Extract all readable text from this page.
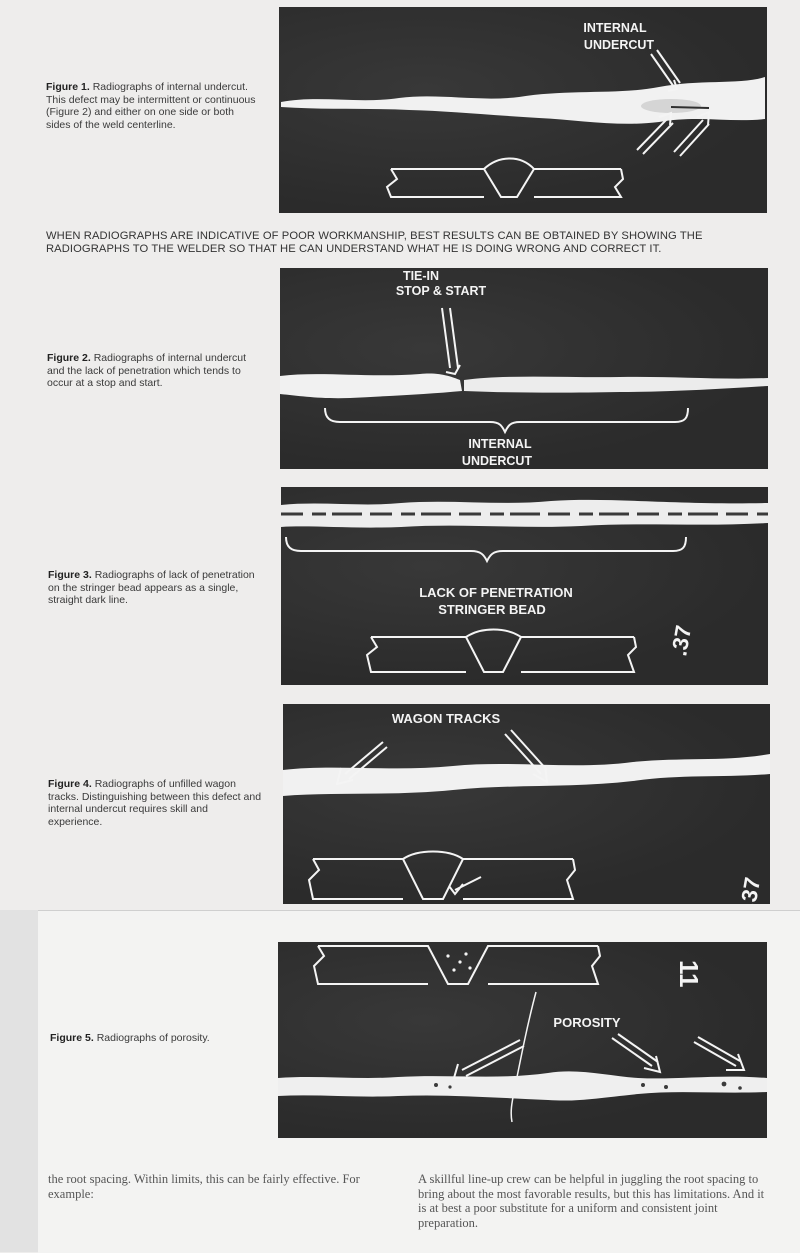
Figure 1. Radiographs of internal undercut. This defect may be intermittent or continuous (Figure 2) and either on one side or both sides of the weld centerline.
INTERNAL
UNDERCUT
WHEN RADIOGRAPHS ARE INDICATIVE OF POOR WORKMANSHIP, BEST RESULTS CAN BE OBTAINED BY SHOWING THE RADIOGRAPHS TO THE WELDER SO THAT HE CAN UNDERSTAND WHAT HE IS DOING WRONG AND CORRECT IT.
Figure 2. Radiographs of internal undercut and the lack of penetration which tends to occur at a stop and start.
TIE-IN
STOP & START
INTERNAL
UNDERCUT
Figure 3. Radiographs of lack of penetration on the stringer bead appears as a single, straight dark line.	LACK OF PENETRATION
STRINGER BEAD
.37
Figure 4. Radiographs of unfilled wagon tracks. Distinguishing between this defect and internal undercut requires skill and experience.
WAGON TRACKS
.37
Figure 5. Radiographs of porosity.
11
POROSITY
the root spacing. Within limits, this can be fairly effective. For example:
A skillful line-up crew can be helpful in juggling the root spacing to bring about the most favorable results, but this has limitations. And it is at best a poor substitute for a uniform and consistent joint preparation.
